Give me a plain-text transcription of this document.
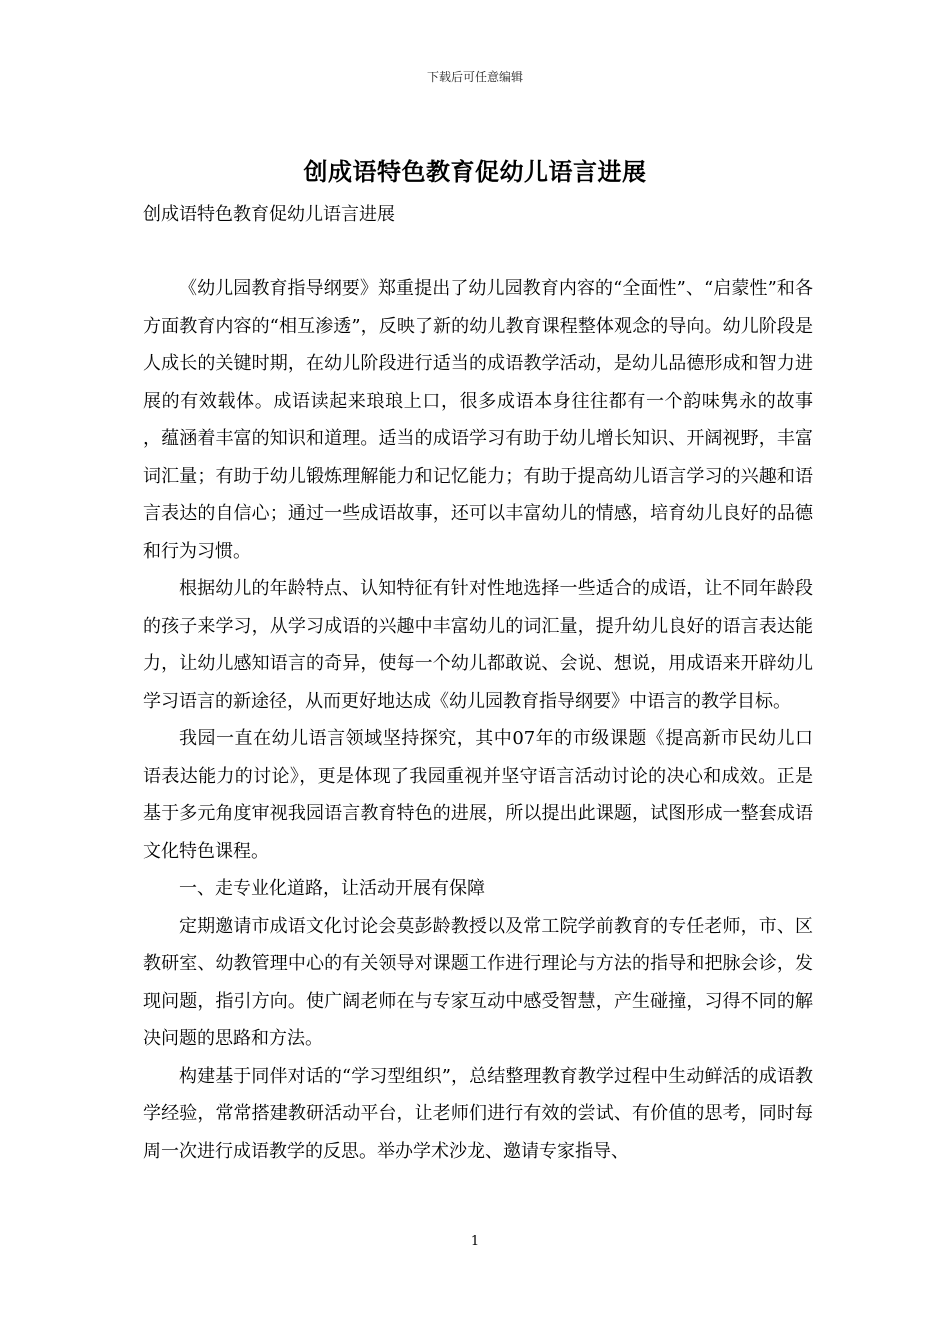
下载后可任意编辑
创成语特色教育促幼儿语言进展
创成语特色教育促幼儿语言进展

《幼儿园教育指导纲要》郑重提出了幼儿园教育内容的“全面性”、“启蒙性”和各方面教育内容的“相互渗透”，反映了新的幼儿教育课程整体观念的导向。幼儿阶段是人成长的关键时期，在幼儿阶段进行适当的成语教学活动，是幼儿品德形成和智力进展的有效载体。成语读起来琅琅上口，很多成语本身往往都有一个韵味隽永的故事 ，蕴涵着丰富的知识和道理。适当的成语学习有助于幼儿增长知识、开阔视野，丰富词汇量；有助于幼儿锻炼理解能力和记忆能力；有助于提高幼儿语言学习的兴趣和语言表达的自信心；通过一些成语故事，还可以丰富幼儿的情感，培育幼儿良好的品德和行为习惯。

根据幼儿的年龄特点、认知特征有针对性地选择一些适合的成语，让不同年龄段的孩子来学习，从学习成语的兴趣中丰富幼儿的词汇量，提升幼儿良好的语言表达能力，让幼儿感知语言的奇异，使每一个幼儿都敢说、会说、想说，用成语来开辟幼儿学习语言的新途径，从而更好地达成《幼儿园教育指导纲要》中语言的教学目标。

我园一直在幼儿语言领域坚持探究，其中07年的市级课题《提高新市民幼儿口语表达能力的讨论》，更是体现了我园重视并坚守语言活动讨论的决心和成效。正是基于多元角度审视我园语言教育特色的进展，所以提出此课题，试图形成一整套成语文化特色课程。

一、走专业化道路，让活动开展有保障

定期邀请市成语文化讨论会莫彭龄教授以及常工院学前教育的专任老师，市、区教研室、幼教管理中心的有关领导对课题工作进行理论与方法的指导和把脉会诊，发现问题，指引方向。使广阔老师在与专家互动中感受智慧，产生碰撞，习得不同的解决问题的思路和方法。

构建基于同伴对话的“学习型组织”，总结整理教育教学过程中生动鲜活的成语教学经验，常常搭建教研活动平台，让老师们进行有效的尝试、有价值的思考，同时每周一次进行成语教学的反思。举办学术沙龙、邀请专家指导、

1
